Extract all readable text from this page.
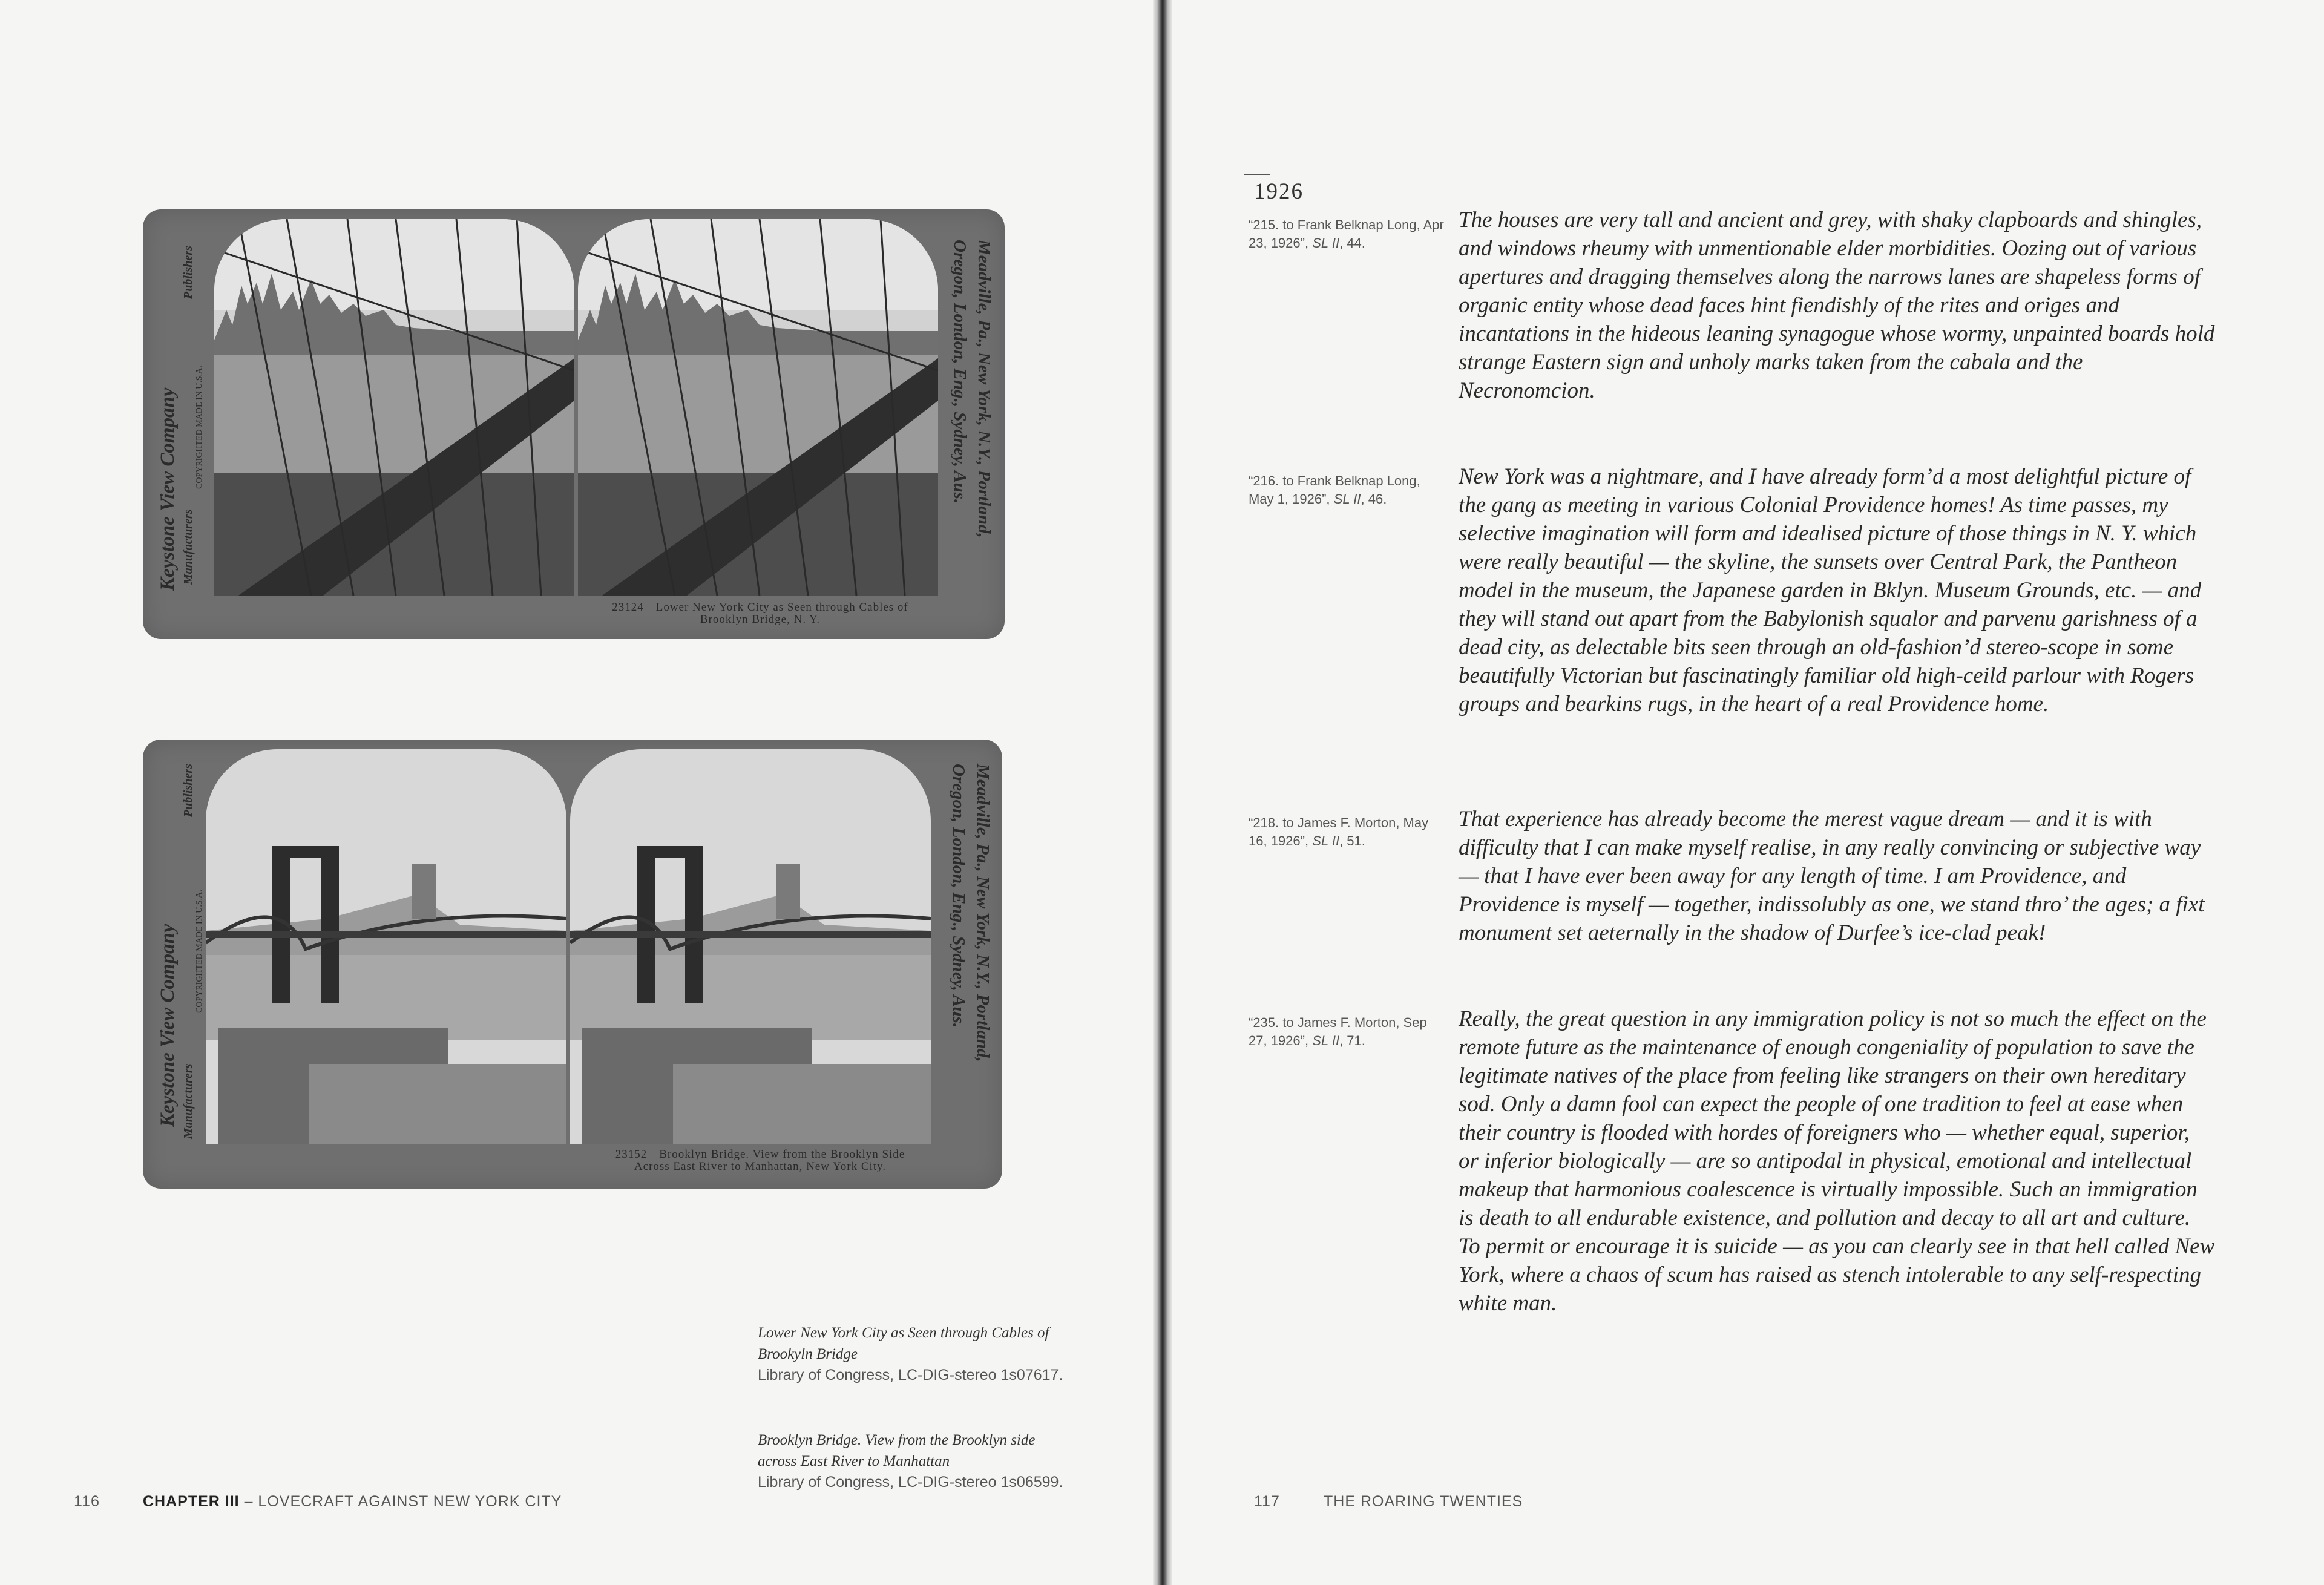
Keystone View Company Manufacturers
Publishers
COPYRIGHTED MADE IN U.S.A.
23124—Lower New York City as Seen through Cables of
Brooklyn Bridge, N. Y.
Meadville, Pa., New York, N.Y., Portland,
Oregon, London, Eng., Sydney, Aus.
Keystone View Company Manufacturers
Publishers
COPYRIGHTED MADE IN U.S.A.
23152—Brooklyn Bridge. View from the Brooklyn Side
Across East River to Manhattan, New York City.
Meadville, Pa., New York, N.Y., Portland,
Oregon, London, Eng., Sydney, Aus.
Lower New York City as Seen through Cables of Brookyln Bridge
Library of Congress, LC-DIG-stereo 1s07617.
Brooklyn Bridge. View from the Brooklyn side across East River to Manhattan
Library of Congress, LC-DIG-stereo 1s06599.
116	CHAPTER III – LOVECRAFT AGAINST NEW YORK CITY
1926
“215. to Frank Belknap Long, Apr 23, 1926”, SL II, 44.
The houses are very tall and ancient and grey, with shaky clapboards and shingles, and windows rheumy with unmentionable elder morbidities. Oozing out of various apertures and dragging themselves along the narrows lanes are shapeless forms of organic entity whose dead faces hint fiendishly of the rites and origes and incantations in the hideous leaning synagogue whose wormy, unpainted boards hold strange Eastern sign and unholy marks taken from the cabala and the Necronomcion.
“216. to Frank Belknap Long, May 1, 1926”, SL II, 46.
New York was a nightmare, and I have already form’d a most delightful picture of the gang as meeting in various Colonial Providence homes! As time passes, my selective imagination will form and idealised picture of those things in N. Y. which were really beautiful — the skyline, the sunsets over Central Park, the Pantheon model in the museum, the Japanese garden in Bklyn. Museum Grounds, etc. — and they will stand out apart from the Babylonish squalor and parvenu garishness of a dead city, as delectable bits seen through an old-fashion’d stereo-scope in some beautifully Victorian but fascinatingly familiar old high-ceild parlour with Rogers groups and bearkins rugs, in the heart of a real Providence home.
“218. to James F. Morton, May 16, 1926”, SL II, 51.
That experience has already become the merest vague dream — and it is with difficulty that I can make myself realise, in any really convincing or subjective way — that I have ever been away for any length of time. I am Providence, and Providence is myself — together, indissolubly as one, we stand thro’ the ages; a fixt monument set aeternally in the shadow of Durfee’s ice-clad peak!
“235. to James F. Morton, Sep 27, 1926”, SL II, 71.
Really, the great question in any immigration policy is not so much the effect on the remote future as the maintenance of enough congeniality of population to save the legitimate natives of the place from feeling like strangers on their own hereditary sod. Only a damn fool can expect the people of one tradition to feel at ease when their country is flooded with hordes of foreigners who — whether equal, superior, or inferior biologically — are so antipodal in physical, emotional and intellectual makeup that harmonious coalescence is virtually impossible. Such an immigration is death to all endurable existence, and pollution and decay to all art and culture. To permit or encourage it is suicide — as you can clearly see in that hell called New York, where a chaos of scum has raised as stench intolerable to any self-respecting white man.
117	THE ROARING TWENTIES
